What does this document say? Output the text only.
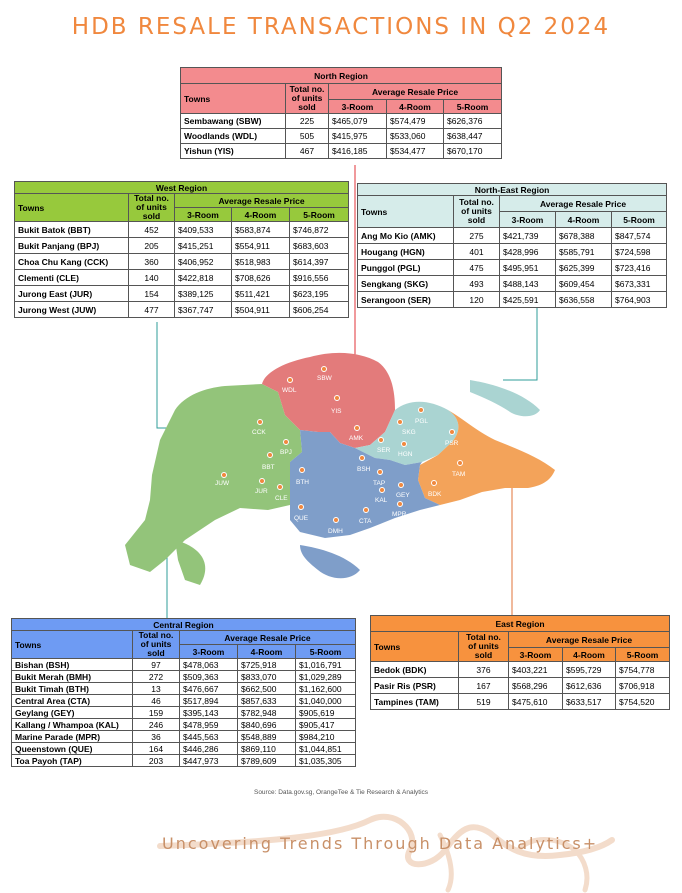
HDB RESALE TRANSACTIONS IN Q2 2024
SBW
WDL
YIS
CCK
BPJ
BBT
JUW
JUR
CLE
AMK
SKG
PGL
SER
HGN
PSR
TAM
BDK
BSH
TAP
GEY
KAL
MPR
BTH
QUE	CTA
DMH
North Region				
Towns	Total no. of units sold	Average Resale Price		
		3-Room	4-Room	5-Room
Sembawang (SBW)	225	$465,079	$574,479	$626,376
Woodlands (WDL)	505	$415,975	$533,060	$638,447
Yishun (YIS)	467	$416,185	$534,477	$670,170
West Region				
Towns	Total no. of units sold	Average Resale Price		
		3-Room	4-Room	5-Room
Bukit Batok (BBT)	452	$409,533	$583,874	$746,872
Bukit Panjang (BPJ)	205	$415,251	$554,911	$683,603
Choa Chu Kang (CCK)	360	$406,952	$518,983	$614,397
Clementi (CLE)	140	$422,818	$708,626	$916,556
Jurong East (JUR)	154	$389,125	$511,421	$623,195
Jurong West (JUW)	477	$367,747	$504,911	$606,254
North-East Region				
Towns	Total no. of units sold	Average Resale Price		
		3-Room	4-Room	5-Room
Ang Mo Kio (AMK)	275	$421,739	$678,388	$847,574
Hougang (HGN)	401	$428,996	$585,791	$724,598
Punggol (PGL)	475	$495,951	$625,399	$723,416
Sengkang (SKG)	493	$488,143	$609,454	$673,331
Serangoon (SER)	120	$425,591	$636,558	$764,903
Central Region				
Towns	Total no. of units sold	Average Resale Price		
		3-Room	4-Room	5-Room
Bishan (BSH)	97	$478,063	$725,918	$1,016,791
Bukit Merah (BMH)	272	$509,363	$833,070	$1,029,289
Bukit Timah (BTH)	13	$476,667	$662,500	$1,162,600
Central Area (CTA)	46	$517,894	$857,633	$1,040,000
Geylang (GEY)	159	$395,143	$782,948	$905,619
Kallang / Whampoa (KAL)	246	$478,959	$840,696	$905,417
Marine Parade (MPR)	36	$445,563	$548,889	$984,210
Queenstown (QUE)	164	$446,286	$869,110	$1,044,851
Toa Payoh (TAP)	203	$447,973	$789,609	$1,035,305
East Region				
Towns	Total no. of units sold	Average Resale Price		
		3-Room	4-Room	5-Room
Bedok (BDK)	376	$403,221	$595,729	$754,778
Pasir Ris (PSR)	167	$568,296	$612,636	$706,918
Tampines (TAM)	519	$475,610	$633,517	$754,520
Source: Data.gov.sg, OrangeTee & Tie Research & Analytics
Uncovering Trends Through Data Analytics+
